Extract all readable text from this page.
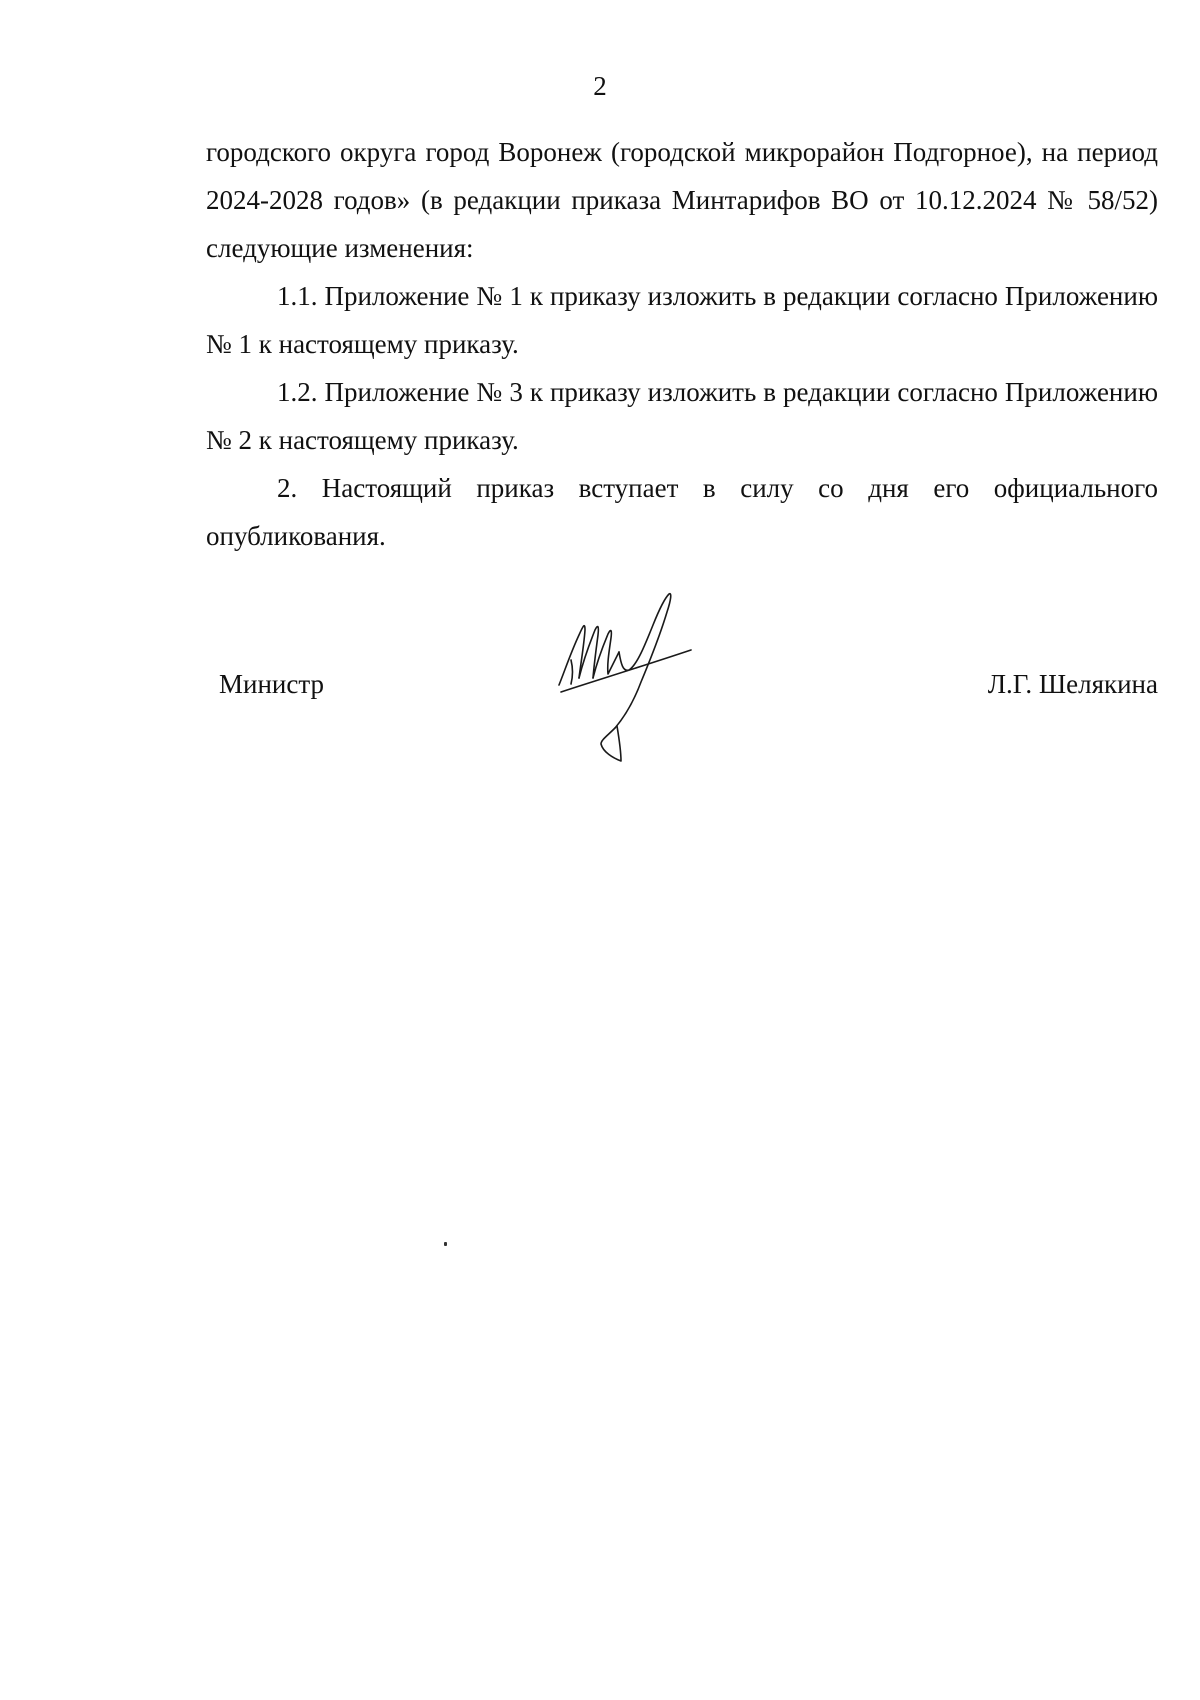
2

городского округа город Воронеж (городской микрорайон Подгорное), на период 2024-2028 годов» (в редакции приказа Минтарифов ВО от 10.12.2024 № 58/52) следующие изменения:

1.1. Приложение № 1 к приказу изложить в редакции согласно Приложению № 1 к настоящему приказу.

1.2. Приложение № 3 к приказу изложить в редакции согласно Приложению № 2 к настоящему приказу.

2. Настоящий приказ вступает в силу со дня его официального опубликования.

Министр	Л.Г. Шелякина
